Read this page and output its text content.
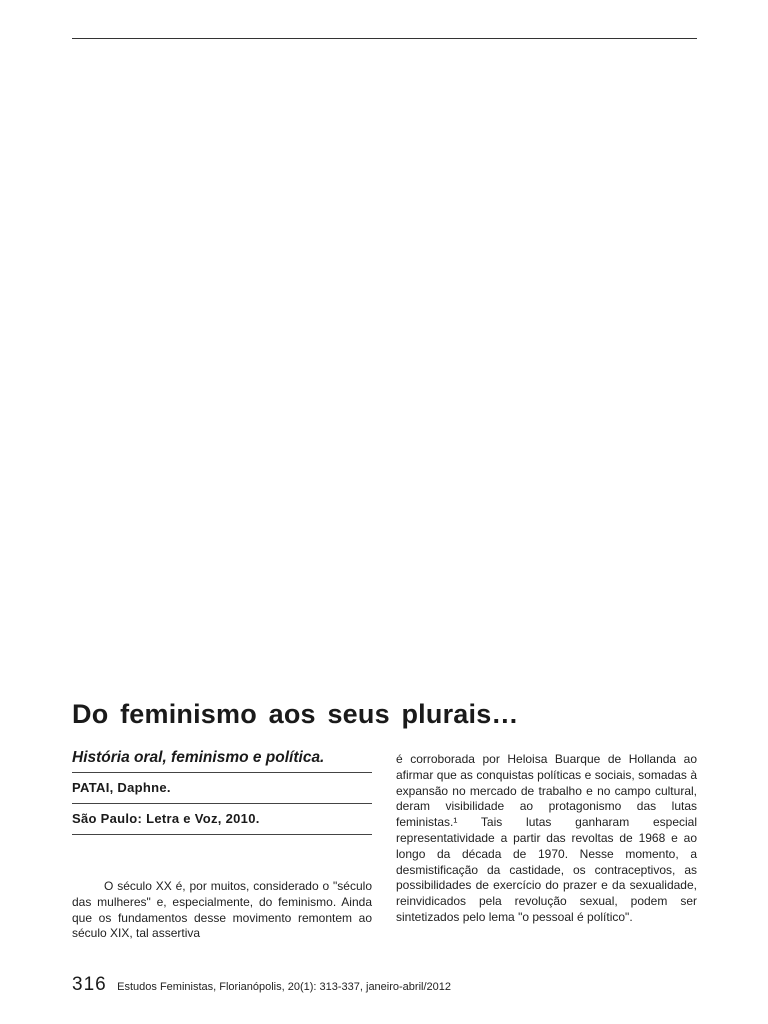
Do feminismo aos seus plurais…
História oral, feminismo e política.
PATAI, Daphne.
São Paulo: Letra e Voz, 2010.

O século XX é, por muitos, considerado o "século das mulheres" e, especialmente, do feminismo. Ainda que os fundamentos desse movimento remontem ao século XIX, tal assertiva

é corroborada por Heloisa Buarque de Hollanda ao afirmar que as conquistas políticas e sociais, somadas à expansão no mercado de trabalho e no campo cultural, deram visibilidade ao protagonismo das lutas feministas.¹ Tais lutas ganharam especial representatividade a partir das revoltas de 1968 e ao longo da década de 1970. Nesse momento, a desmistificação da castidade, os contraceptivos, as possibilidades de exercício do prazer e da sexualidade, reinvidicados pela revolução sexual, podem ser sintetizados pelo lema "o pessoal é político".

316 Estudos Feministas, Florianópolis, 20(1): 313-337, janeiro-abril/2012
